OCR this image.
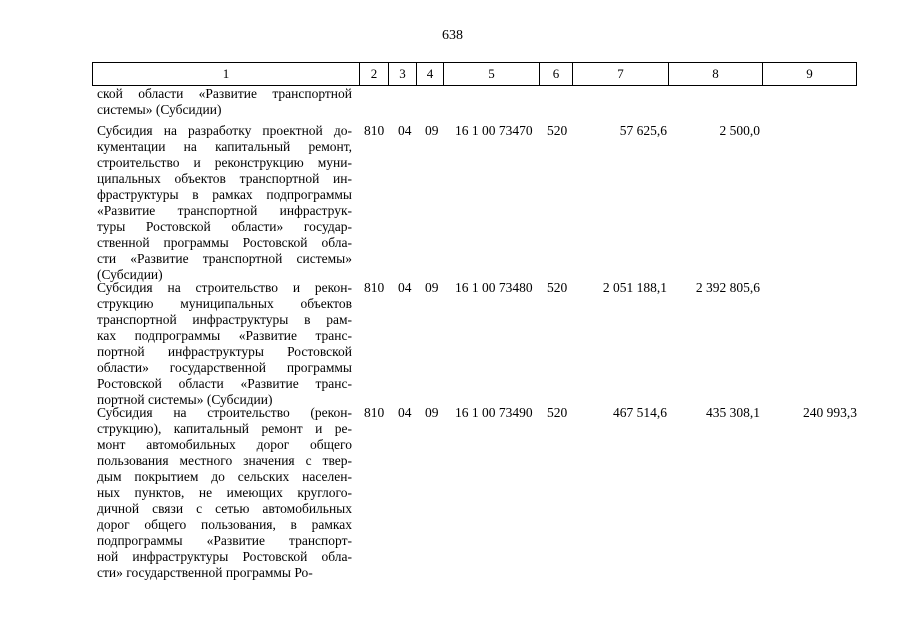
638
1	2	3	4	5	6	7	8	9
ской области «Развитие транспортной
системы» (Субсидии)
Субсидия на разработку проектной до-
кументации на капитальный ремонт,
строительство и реконструкцию муни-
ципальных объектов транспортной ин-
фраструктуры в рамках подпрограммы
«Развитие транспортной инфраструк-
туры Ростовской области» государ-
ственной программы Ростовской обла-
сти «Развитие транспортной системы»
(Субсидии)
810	04	09	16 1 00 73470	520	57 625,6	2 500,0
Субсидия на строительство и рекон-
струкцию муниципальных объектов
транспортной инфраструктуры в рам-
ках подпрограммы «Развитие транс-
портной инфраструктуры Ростовской
области» государственной программы
Ростовской области «Развитие транс-
портной системы» (Субсидии)
810	04	09	16 1 00 73480	520	2 051 188,1	2 392 805,6
Субсидия на строительство (рекон-
струкцию), капитальный ремонт и ре-
монт автомобильных дорог общего
пользования местного значения с твер-
дым покрытием до сельских населен-
ных пунктов, не имеющих круглого-
дичной связи с сетью автомобильных
дорог общего пользования, в рамках
подпрограммы «Развитие транспорт-
ной инфраструктуры Ростовской обла-
сти» государственной программы Ро-
810	04	09	16 1 00 73490	520	467 514,6	435 308,1	240 993,3
